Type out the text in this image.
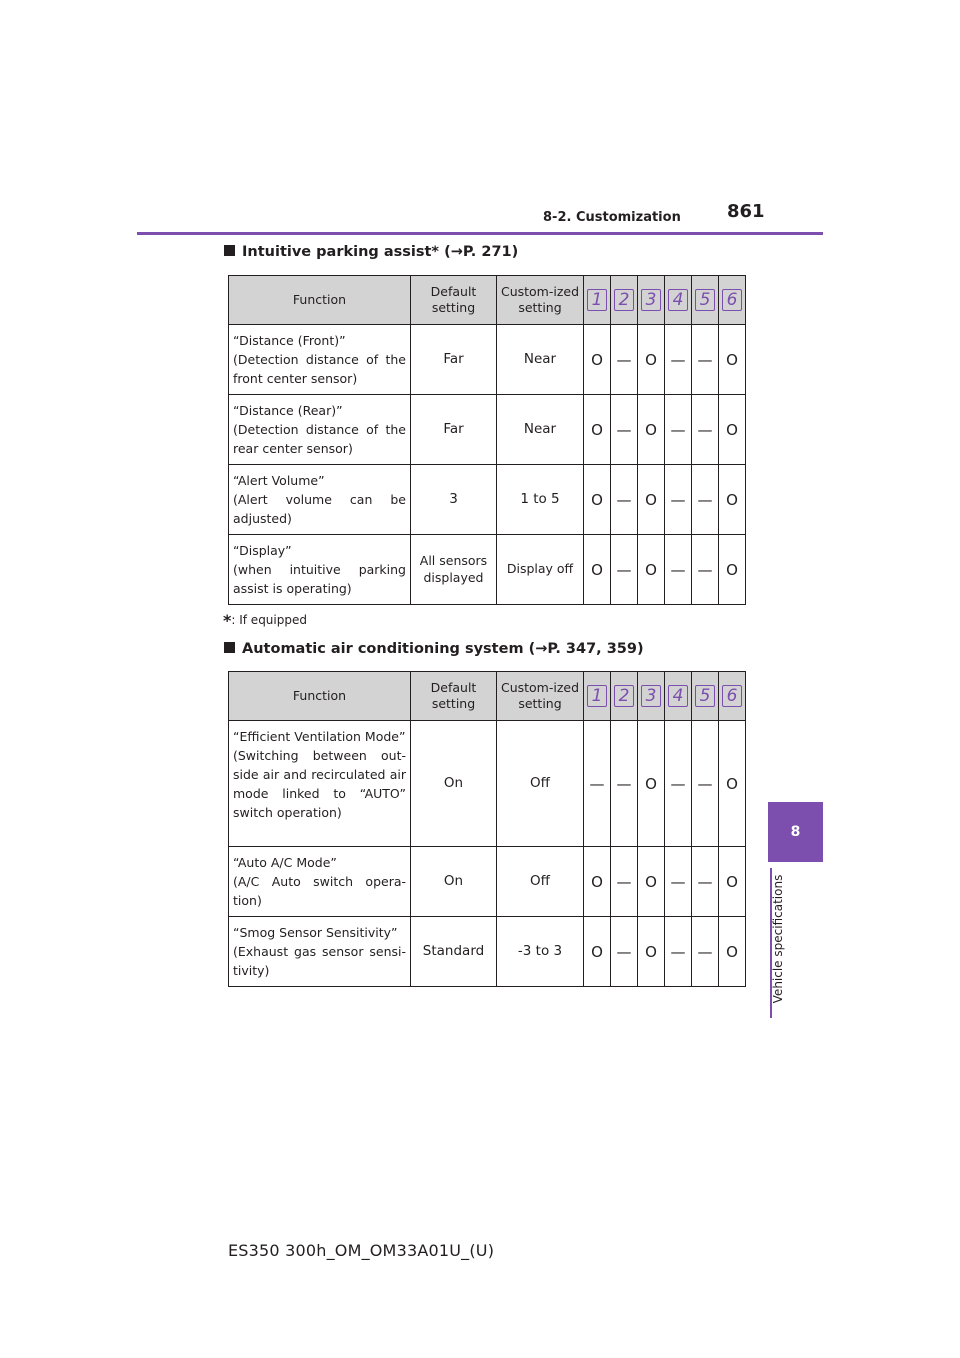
8-2. Customization	861
8
Vehicle specifications
Intuitive parking assist* (→P. 271)
Function	Default setting	Custom-ized setting	1	2	3	4	5	6
“Distance (Front)”
(Detection distance of the front center sensor)	Far	Near	O	—	O	—	—	O
“Distance (Rear)”
(Detection distance of the rear center sensor)	Far	Near	O	—	O	—	—	O
“Alert Volume”
(Alert volume can be adjusted)	3	1 to 5	O	—	O	—	—	O
“Display”
(when intuitive parking assist is operating)	All sensors displayed	Display off	O	—	O	—	—	O
*: If equipped
Automatic air conditioning system (→P. 347, 359)
Function	Default setting	Custom-ized setting	1	2	3	4	5	6
“Efficient Ventilation Mode”
(Switching between out-side air and recirculated air mode linked to “AUTO” switch operation)	On	Off	—	—	O	—	—	O
“Auto A/C Mode”
(A/C Auto switch opera-tion)	On	Off	O	—	O	—	—	O
“Smog Sensor Sensitivity”
(Exhaust gas sensor sensi-tivity)	Standard	-3 to 3	O	—	O	—	—	O
ES350 300h_OM_OM33A01U_(U)
